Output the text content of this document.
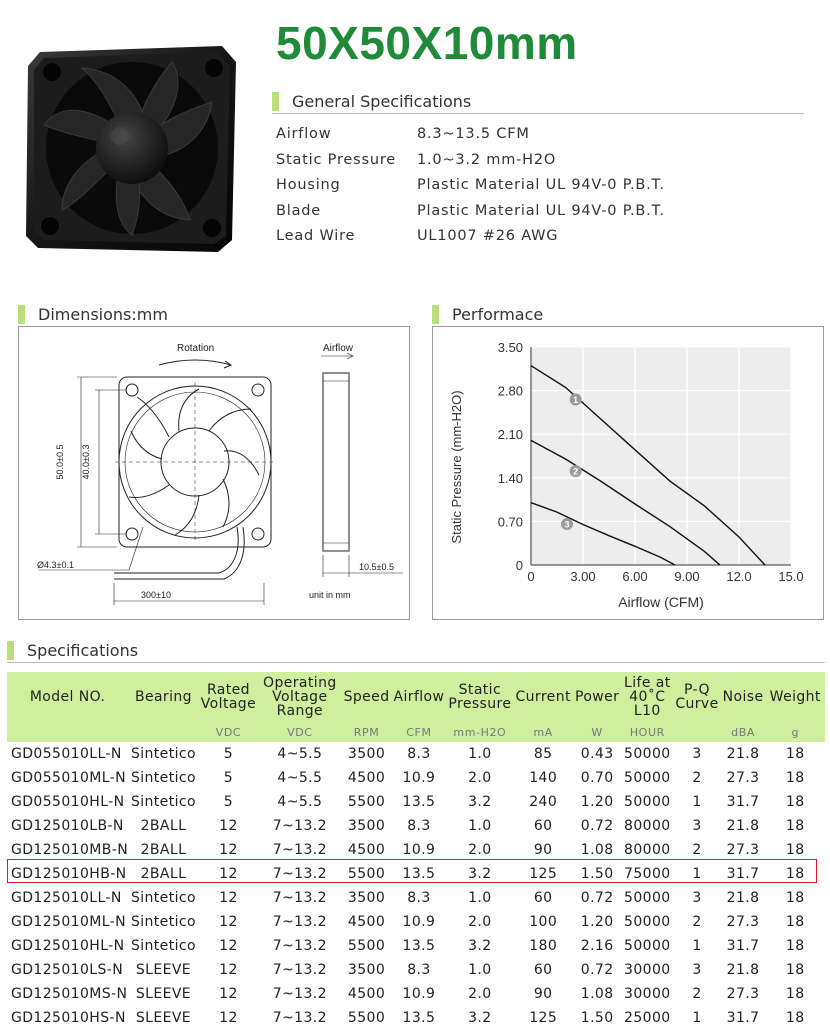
50X50X10mm
General Specifications
Airflow	8.3~13.5 CFM
Static Pressure	1.0~3.2 mm-H2O
Housing	Plastic Material UL 94V-0 P.B.T.
Blade	Plastic Material UL 94V-0 P.B.T.
Lead Wire	UL1007 #26 AWG
Dimensions:mm
Rotation	Airflow
50.0±0.5 40.0±0.3
Ø4.3±0.1	10.5±0.5
300±10	unit in mm
Performace
0	3.00 6.00 9.00 12.0 15.0
0
0.70
1.40
2.10
2.80
3.50
1
2
3
Static Pressure (mm-H2O)
Airflow (CFM)
Specifications
Model NO.	Bearing	Rated Voltage	Operating Voltage Range	Speed	Airflow	Static Pressure	Current	Power	Life at 40˚C L10	P-Q Curve	Noise	Weight
		VDC	VDC	RPM	CFM	mm-H2O	mA	W	HOUR		dBA	g
GD055010LL-N	Sintetico	5	4~5.5	3500	8.3	1.0	85	0.43	50000	3	21.8	18
GD055010ML-N	Sintetico	5	4~5.5	4500	10.9	2.0	140	0.70	50000	2	27.3	18
GD055010HL-N	Sintetico	5	4~5.5	5500	13.5	3.2	240	1.20	50000	1	31.7	18
GD125010LB-N	2BALL	12	7~13.2	3500	8.3	1.0	60	0.72	80000	3	21.8	18
GD125010MB-N	2BALL	12	7~13.2	4500	10.9	2.0	90	1.08	80000	2	27.3	18
GD125010HB-N	2BALL	12	7~13.2	5500	13.5	3.2	125	1.50	75000	1	31.7	18
GD125010LL-N	Sintetico	12	7~13.2	3500	8.3	1.0	60	0.72	50000	3	21.8	18
GD125010ML-N	Sintetico	12	7~13.2	4500	10.9	2.0	100	1.20	50000	2	27.3	18
GD125010HL-N	Sintetico	12	7~13.2	5500	13.5	3.2	180	2.16	50000	1	31.7	18
GD125010LS-N	SLEEVE	12	7~13.2	3500	8.3	1.0	60	0.72	30000	3	21.8	18
GD125010MS-N	SLEEVE	12	7~13.2	4500	10.9	2.0	90	1.08	30000	2	27.3	18
GD125010HS-N	SLEEVE	12	7~13.2	5500	13.5	3.2	125	1.50	25000	1	31.7	18
